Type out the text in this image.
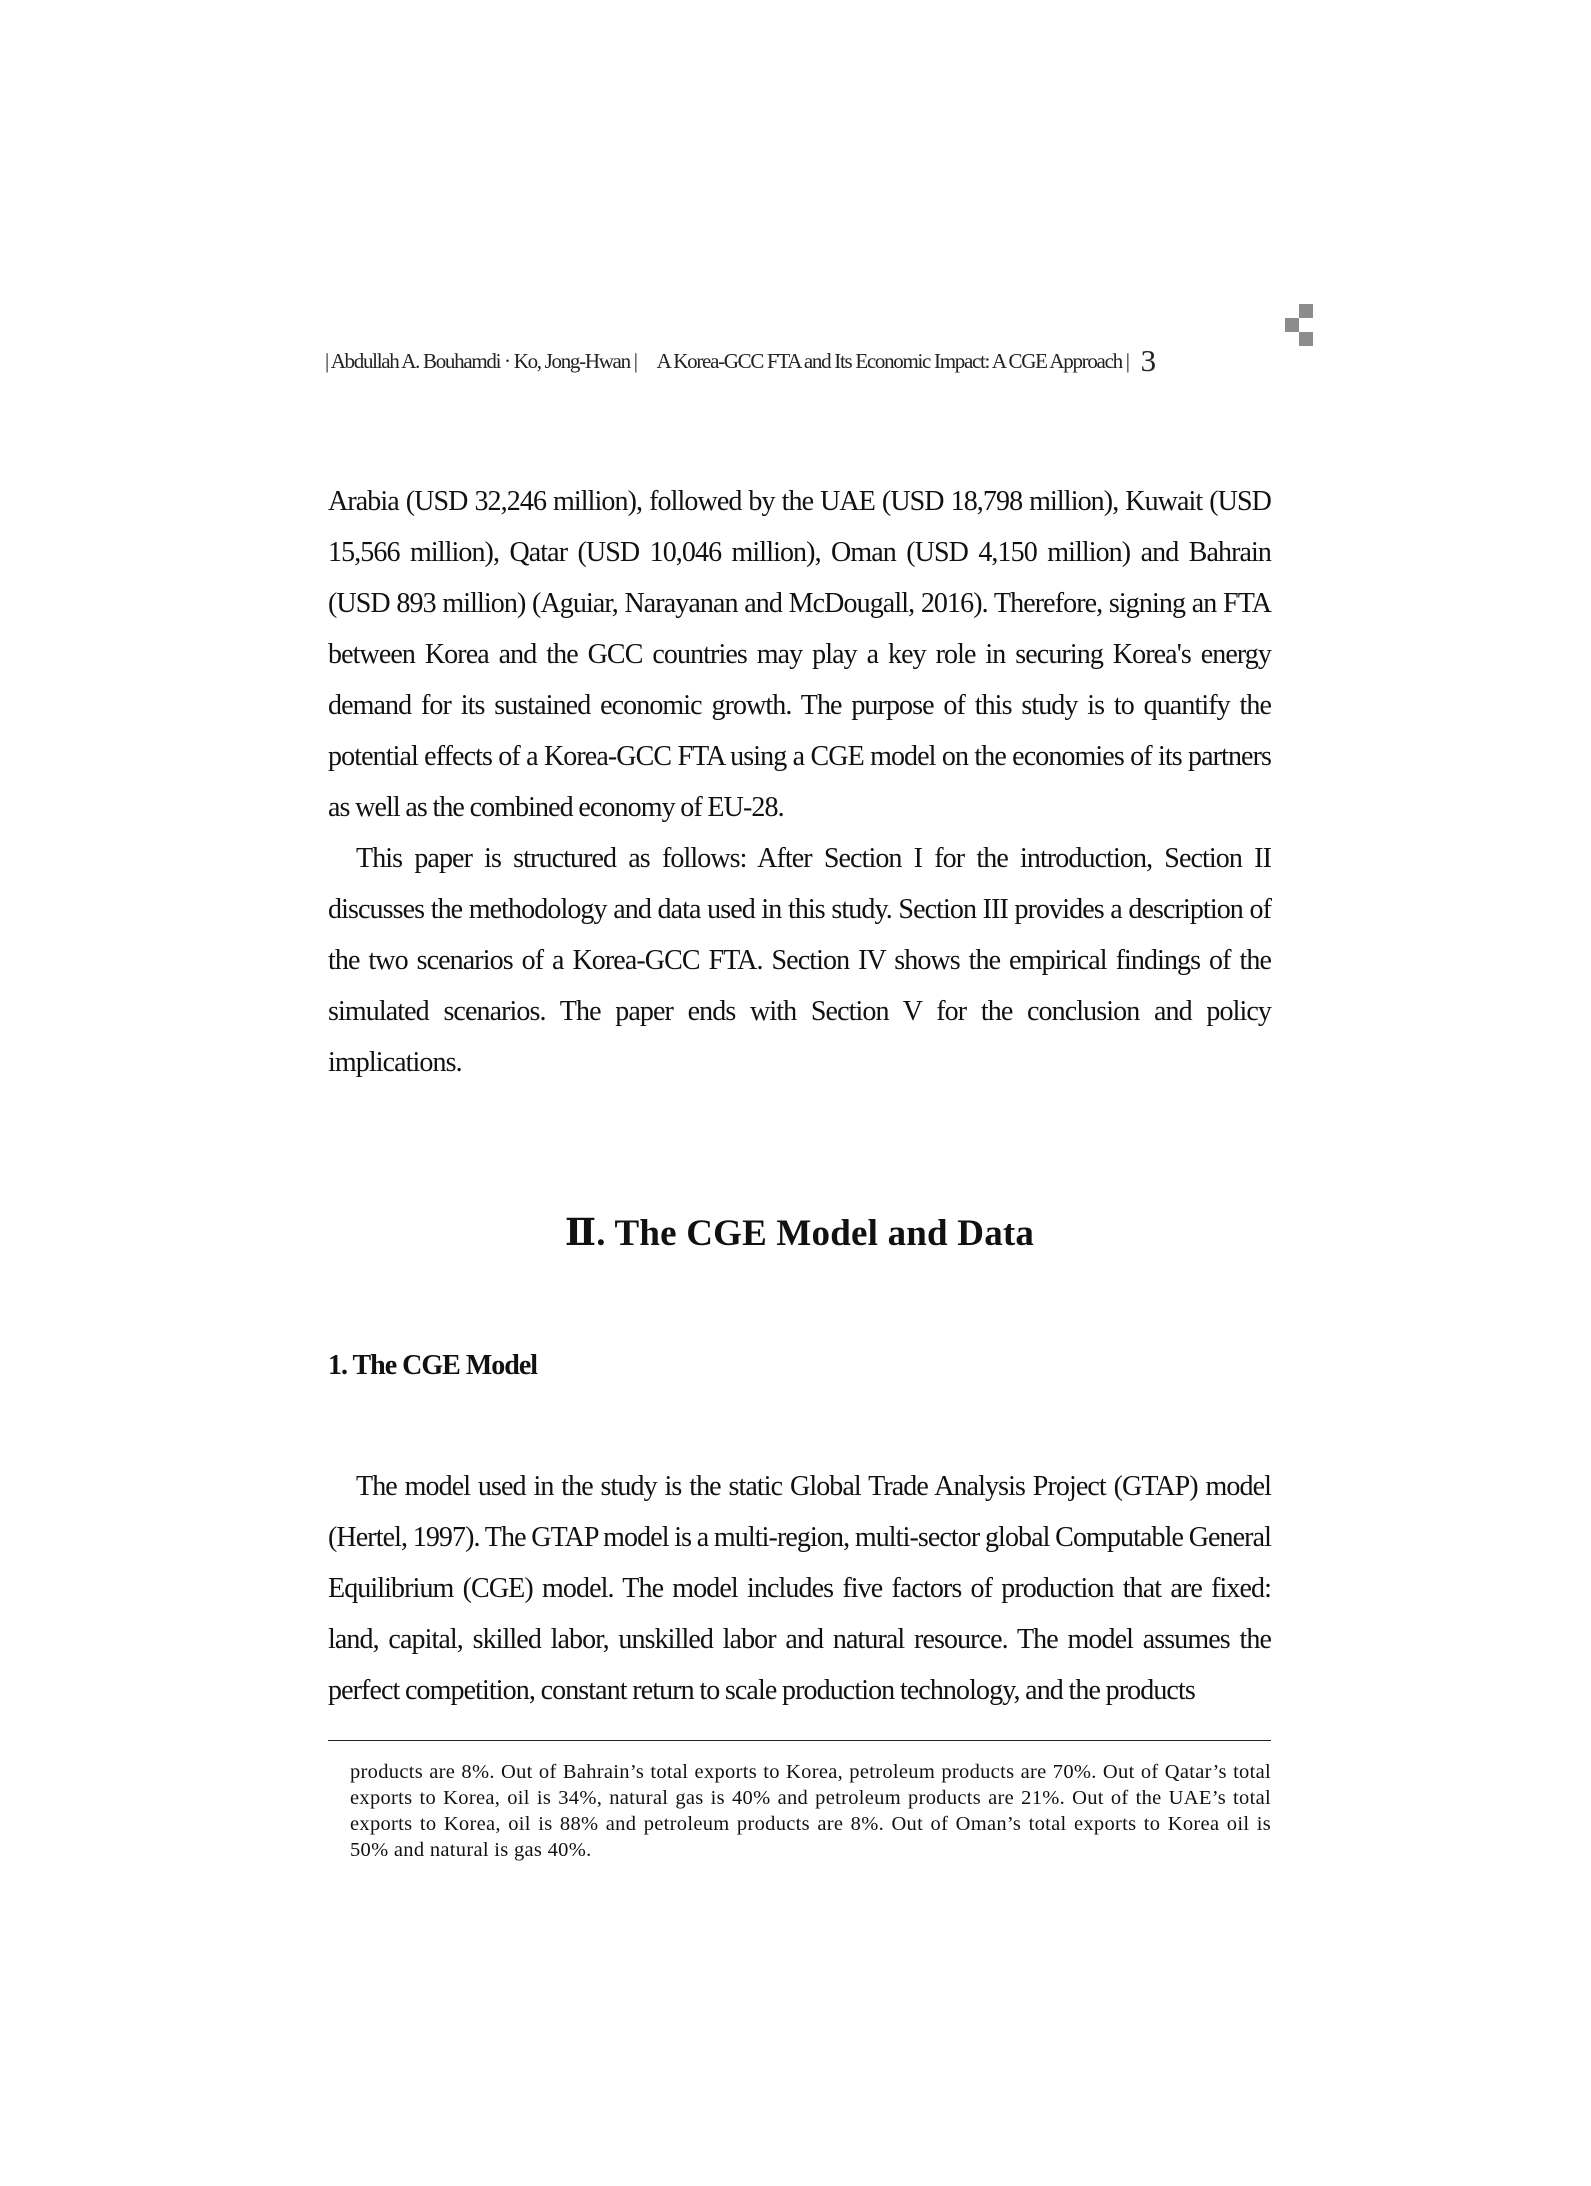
| Abdullah A. Bouhamdi · Ko, Jong-Hwan | A Korea-GCC FTA and Its Economic Impact: A CGE Approach | 3

Arabia (USD 32,246 million), followed by the UAE (USD 18,798 million), Kuwait (USD 15,566 million), Qatar (USD 10,046 million), Oman (USD 4,150 million) and Bahrain (USD 893 million) (Aguiar, Narayanan and McDougall, 2016). Therefore, signing an FTA between Korea and the GCC countries may play a key role in securing Korea's energy demand for its sustained economic growth. The purpose of this study is to quantify the potential effects of a Korea-GCC FTA using a CGE model on the economies of its partners as well as the combined economy of EU-28.

This paper is structured as follows: After Section I for the introduction, Section II discusses the methodology and data used in this study. Section III provides a description of the two scenarios of a Korea-GCC FTA. Section IV shows the empirical findings of the simulated scenarios. The paper ends with Section V for the conclusion and policy implications.

Ⅱ. The CGE Model and Data
1. The CGE Model

The model used in the study is the static Global Trade Analysis Project (GTAP) model (Hertel, 1997). The GTAP model is a multi-region, multi-sector global Computable General Equilibrium (CGE) model. The model includes five factors of production that are fixed: land, capital, skilled labor, unskilled labor and natural resource. The model assumes the perfect competition, constant return to scale production technology, and the products

products are 8%. Out of Bahrain’s total exports to Korea, petroleum products are 70%. Out of Qatar’s total exports to Korea, oil is 34%, natural gas is 40% and petroleum products are 21%. Out of the UAE’s total exports to Korea, oil is 88% and petroleum products are 8%. Out of Oman’s total exports to Korea oil is 50% and natural is gas 40%.
